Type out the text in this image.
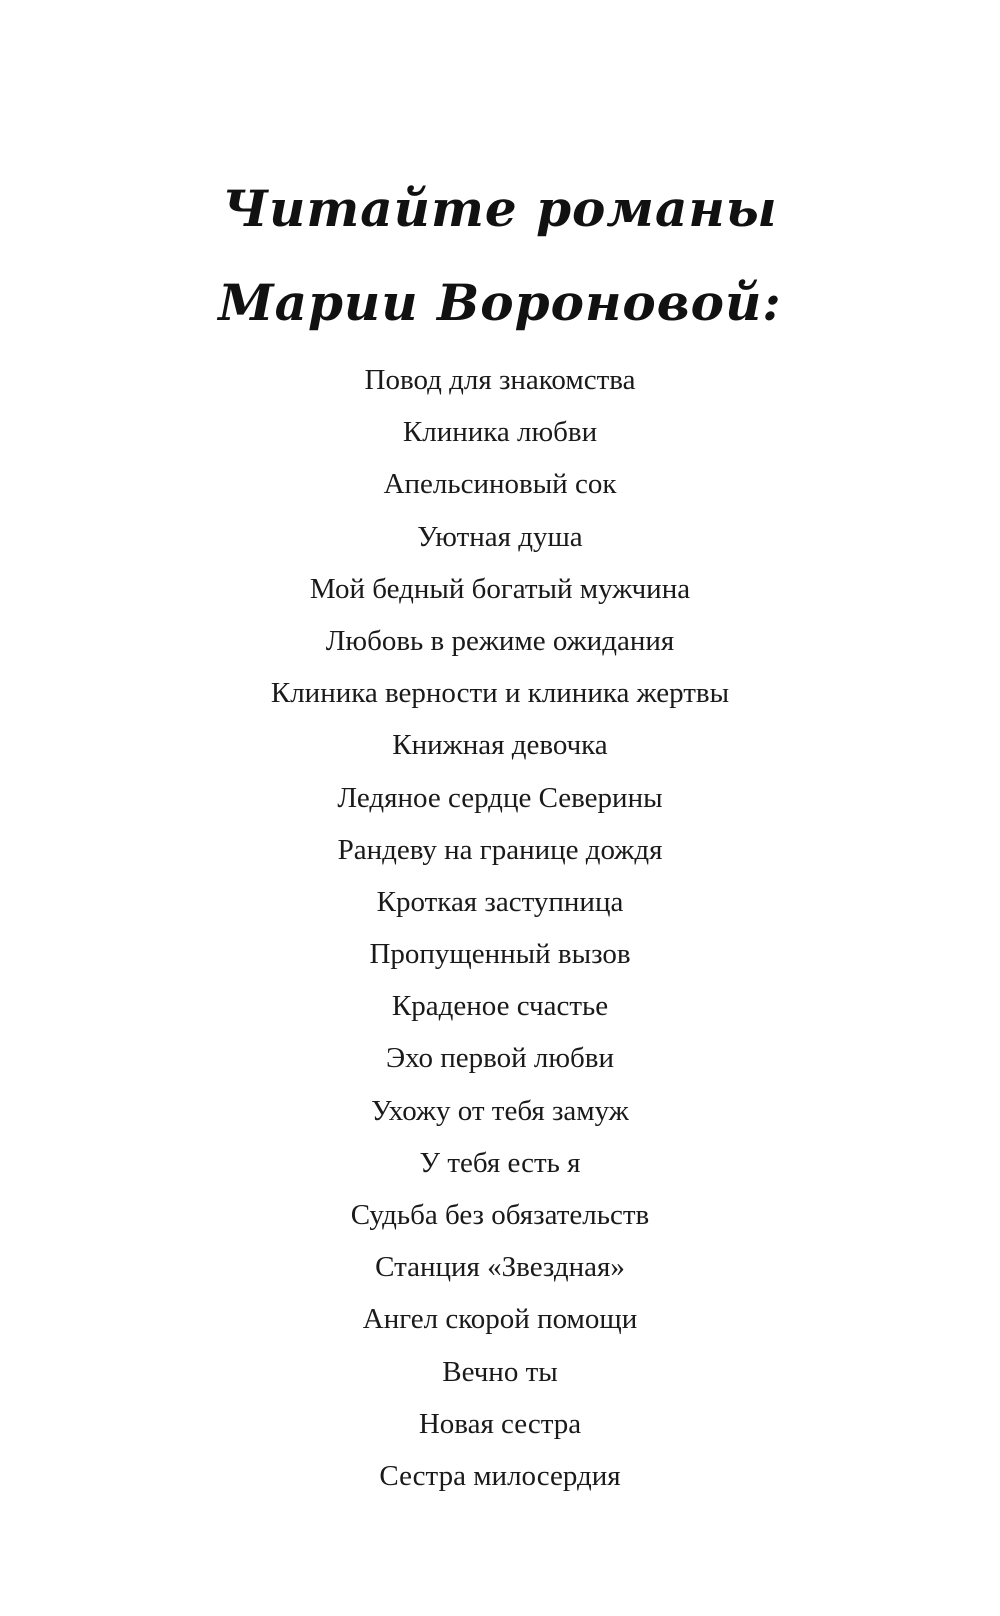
Читайте романы
Марии Вороновой:
Повод для знакомства
Клиника любви
Апельсиновый сок
Уютная душа
Мой бедный богатый мужчина
Любовь в режиме ожидания
Клиника верности и клиника жертвы
Книжная девочка
Ледяное сердце Северины
Рандеву на границе дождя
Кроткая заступница
Пропущенный вызов
Краденое счастье
Эхо первой любви
Ухожу от тебя замуж
У тебя есть я
Судьба без обязательств
Станция «Звездная»
Ангел скорой помощи
Вечно ты
Новая сестра
Сестра милосердия
